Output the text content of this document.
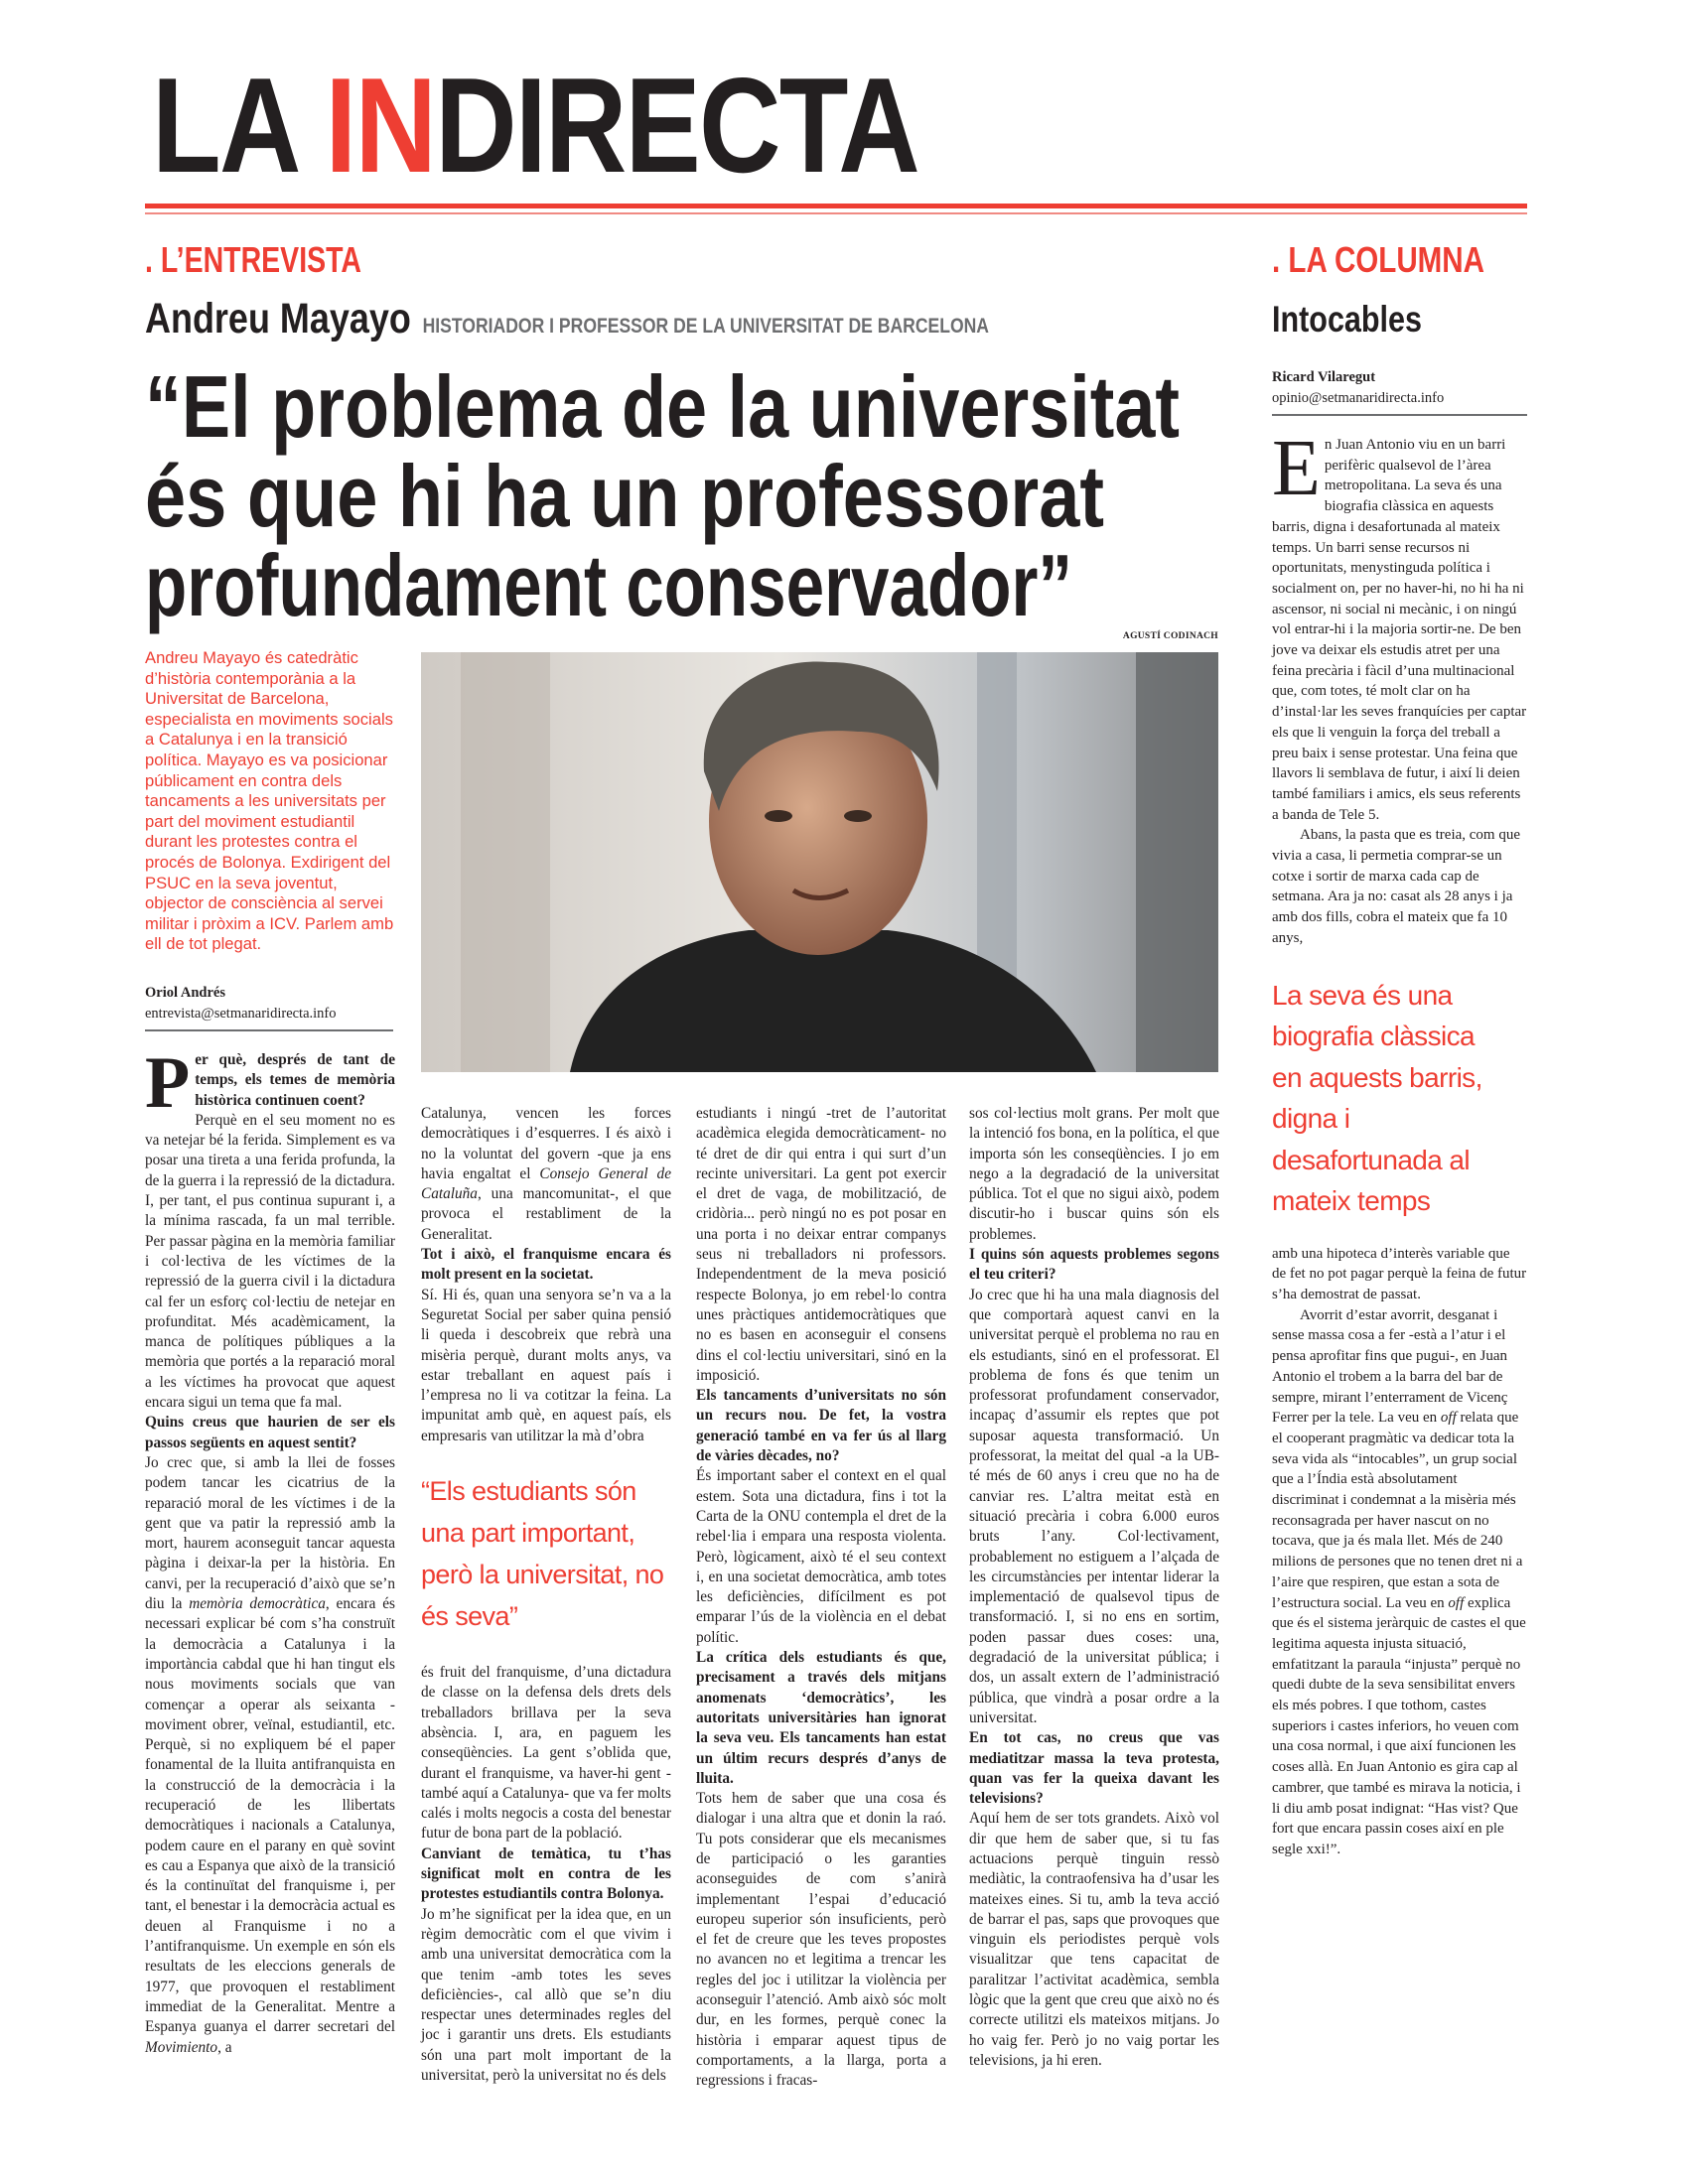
LA INDIRECTA
. L’ENTREVISTA
Andreu Mayayo HISTORIADOR I PROFESSOR DE LA UNIVERSITAT DE BARCELONA
“El problema de la universitat
és que hi ha un professorat
profundament conservador”

Andreu Mayayo és catedràtic d’història contemporània a la Universitat de Barcelona, especialista en moviments socials a Catalunya i en la transició política. Mayayo es va posicionar públicament en contra dels tancaments a les universitats per part del moviment estudiantil durant les protestes contra el procés de Bolonya. Exdirigent del PSUC en la seva joventut, objector de consciència al servei militar i pròxim a ICV. Parlem amb ell de tot plegat.

Oriol Andrés
entrevista@setmanaridirecta.info
AGUSTÍ CODINACH

Per què, després de tant de temps, els temes de memòria històrica continuen coent?

Perquè en el seu moment no es va netejar bé la ferida. Simplement es va posar una tireta a una ferida profunda, la de la guerra i la repressió de la dictadura. I, per tant, el pus continua supurant i, a la mínima rascada, fa un mal terrible. Per passar pàgina en la memòria familiar i col·lectiva de les víctimes de la repressió de la guerra civil i la dictadura cal fer un esforç col·lectiu de netejar en profunditat. Més acadèmicament, la manca de polítiques públiques a la memòria que portés a la reparació moral a les víctimes ha provocat que aquest encara sigui un tema que fa mal.

Quins creus que haurien de ser els passos següents en aquest sentit?

Jo crec que, si amb la llei de fosses podem tancar les cicatrius de la reparació moral de les víctimes i de la gent que va patir la repressió amb la mort, haurem aconseguit tancar aquesta pàgina i deixar-la per la història. En canvi, per la recuperació d’això que se’n diu la memòria democràtica, encara és necessari explicar bé com s’ha construït la democràcia a Catalunya i la importància cabdal que hi han tingut els nous moviments socials que van començar a operar als seixanta -moviment obrer, veïnal, estudiantil, etc. Perquè, si no expliquem bé el paper fonamental de la lluita antifranquista en la construcció de la democràcia i la recuperació de les llibertats democràtiques i nacionals a Catalunya, podem caure en el parany en què sovint es cau a Espanya que això de la transició és la continuïtat del franquisme i, per tant, el benestar i la democràcia actual es deuen al Franquisme i no a l’antifranquisme. Un exemple en són els resultats de les eleccions generals de 1977, que provoquen el restabliment immediat de la Generalitat. Mentre a Espanya guanya el darrer secretari del Movimiento, a

Catalunya, vencen les forces democràtiques i d’esquerres. I és això i no la voluntat del govern -que ja ens havia engaltat el Consejo General de Cataluña, una mancomunitat-, el que provoca el restabliment de la Generalitat.

Tot i això, el franquisme encara és molt present en la societat.

Sí. Hi és, quan una senyora se’n va a la Seguretat Social per saber quina pensió li queda i descobreix que rebrà una misèria perquè, durant molts anys, va estar treballant en aquest país i l’empresa no li va cotitzar la feina. La impunitat amb què, en aquest país, els empresaris van utilitzar la mà d’obra

“Els estudiants són una part important, però la universitat, no és seva”

és fruit del franquisme, d’una dictadura de classe on la defensa dels drets dels treballadors brillava per la seva absència. I, ara, en paguem les conseqüències. La gent s’oblida que, durant el franquisme, va haver-hi gent -també aquí a Catalunya- que va fer molts calés i molts negocis a costa del benestar futur de bona part de la població.

Canviant de temàtica, tu t’has significat molt en contra de les protestes estudiantils contra Bolonya.

Jo m’he significat per la idea que, en un règim democràtic com el que vivim i amb una universitat democràtica com la que tenim -amb totes les seves deficiències-, cal allò que se’n diu respectar unes determinades regles del joc i garantir uns drets. Els estudiants són una part molt important de la universitat, però la universitat no és dels

estudiants i ningú -tret de l’autoritat acadèmica elegida democràticament- no té dret de dir qui entra i qui surt d’un recinte universitari. La gent pot exercir el dret de vaga, de mobilització, de cridòria... però ningú no es pot posar en una porta i no deixar entrar companys seus ni treballadors ni professors. Independentment de la meva posició respecte Bolonya, jo em rebel·lo contra unes pràctiques antidemocràtiques que no es basen en aconseguir el consens dins el col·lectiu universitari, sinó en la imposició.

Els tancaments d’universitats no són un recurs nou. De fet, la vostra generació també en va fer ús al llarg de vàries dècades, no?

És important saber el context en el qual estem. Sota una dictadura, fins i tot la Carta de la ONU contempla el dret de la rebel·lia i empara una resposta violenta. Però, lògicament, això té el seu context i, en una societat democràtica, amb totes les deficiències, difícilment es pot emparar l’ús de la violència en el debat polític.

La crítica dels estudiants és que, precisament a través dels mitjans anomenats ‘democràtics’, les autoritats universitàries han ignorat la seva veu. Els tancaments han estat un últim recurs després d’anys de lluita.

Tots hem de saber que una cosa és dialogar i una altra que et donin la raó. Tu pots considerar que els mecanismes de participació o les garanties aconseguides de com s’anirà implementant l’espai d’educació europeu superior són insuficients, però el fet de creure que les teves propostes no avancen no et legitima a trencar les regles del joc i utilitzar la violència per aconseguir l’atenció. Amb això sóc molt dur, en les formes, perquè conec la història i emparar aquest tipus de comportaments, a la llarga, porta a regressions i fracas-

sos col·lectius molt grans. Per molt que la intenció fos bona, en la política, el que importa són les conseqüències. I jo em nego a la degradació de la universitat pública. Tot el que no sigui això, podem discutir-ho i buscar quins són els problemes.

I quins són aquests problemes segons el teu criteri?

Jo crec que hi ha una mala diagnosis del que comportarà aquest canvi en la universitat perquè el problema no rau en els estudiants, sinó en el professorat. El problema de fons és que tenim un professorat profundament conservador, incapaç d’assumir els reptes que pot suposar aquesta transformació. Un professorat, la meitat del qual -a la UB- té més de 60 anys i creu que no ha de canviar res. L’altra meitat està en situació precària i cobra 6.000 euros bruts l’any. Col·lectivament, probablement no estiguem a l’alçada de les circumstàncies per intentar liderar la implementació de qualsevol tipus de transformació. I, si no ens en sortim, poden passar dues coses: una, degradació de la universitat pública; i dos, un assalt extern de l’administració pública, que vindrà a posar ordre a la universitat.

En tot cas, no creus que vas mediatitzar massa la teva protesta, quan vas fer la queixa davant les televisions?

Aquí hem de ser tots grandets. Això vol dir que hem de saber que, si tu fas actuacions perquè tinguin ressò mediàtic, la contraofensiva ha d’usar les mateixes eines. Si tu, amb la teva acció de barrar el pas, saps que provoques que vinguin els periodistes perquè vols visualitzar que tens capacitat de paralitzar l’activitat acadèmica, sembla lògic que la gent que creu que això no és correcte utilitzi els mateixos mitjans. Jo ho vaig fer. Però jo no vaig portar les televisions, ja hi eren.

. LA COLUMNA
Intocables
Ricard Vilaregut
opinio@setmanaridirecta.info

En Juan Antonio viu en un barri perifèric qualsevol de l’àrea metropolitana. La seva és una biografia clàssica en aquests barris, digna i desafortunada al mateix temps. Un barri sense recursos ni oportunitats, menystinguda política i socialment on, per no haver-hi, no hi ha ni ascensor, ni social ni mecànic, i on ningú vol entrar-hi i la majoria sortir-ne. De ben jove va deixar els estudis atret per una feina precària i fàcil d’una multinacional que, com totes, té molt clar on ha d’instal·lar les seves franquícies per captar els que li venguin la força del treball a preu baix i sense protestar. Una feina que llavors li semblava de futur, i així li deien també familiars i amics, els seus referents a banda de Tele 5.

Abans, la pasta que es treia, com que vivia a casa, li permetia comprar-se un cotxe i sortir de marxa cada cap de setmana. Ara ja no: casat als 28 anys i ja amb dos fills, cobra el mateix que fa 10 anys,

La seva és una biografia clàssica en aquests barris, digna i desafortunada al mateix temps

amb una hipoteca d’interès variable que de fet no pot pagar perquè la feina de futur s’ha demostrat de passat.

Avorrit d’estar avorrit, desganat i sense massa cosa a fer -està a l’atur i el pensa aprofitar fins que pugui-, en Juan Antonio el trobem a la barra del bar de sempre, mirant l’enterrament de Vicenç Ferrer per la tele. La veu en off relata que el cooperant pragmàtic va dedicar tota la seva vida als “intocables”, un grup social que a l’Índia està absolutament discriminat i condemnat a la misèria més reconsagrada per haver nascut on no tocava, que ja és mala llet. Més de 240 milions de persones que no tenen dret ni a l’aire que respiren, que estan a sota de l’estructura social. La veu en off explica que és el sistema jeràrquic de castes el que legitima aquesta injusta situació, emfatitzant la paraula “injusta” perquè no quedi dubte de la seva sensibilitat envers els més pobres. I que tothom, castes superiors i castes inferiors, ho veuen com una cosa normal, i que així funcionen les coses allà. En Juan Antonio es gira cap al cambrer, que també es mirava la noticia, i li diu amb posat indignat: “Has vist? Que fort que encara passin coses així en ple segle xxi!”.
